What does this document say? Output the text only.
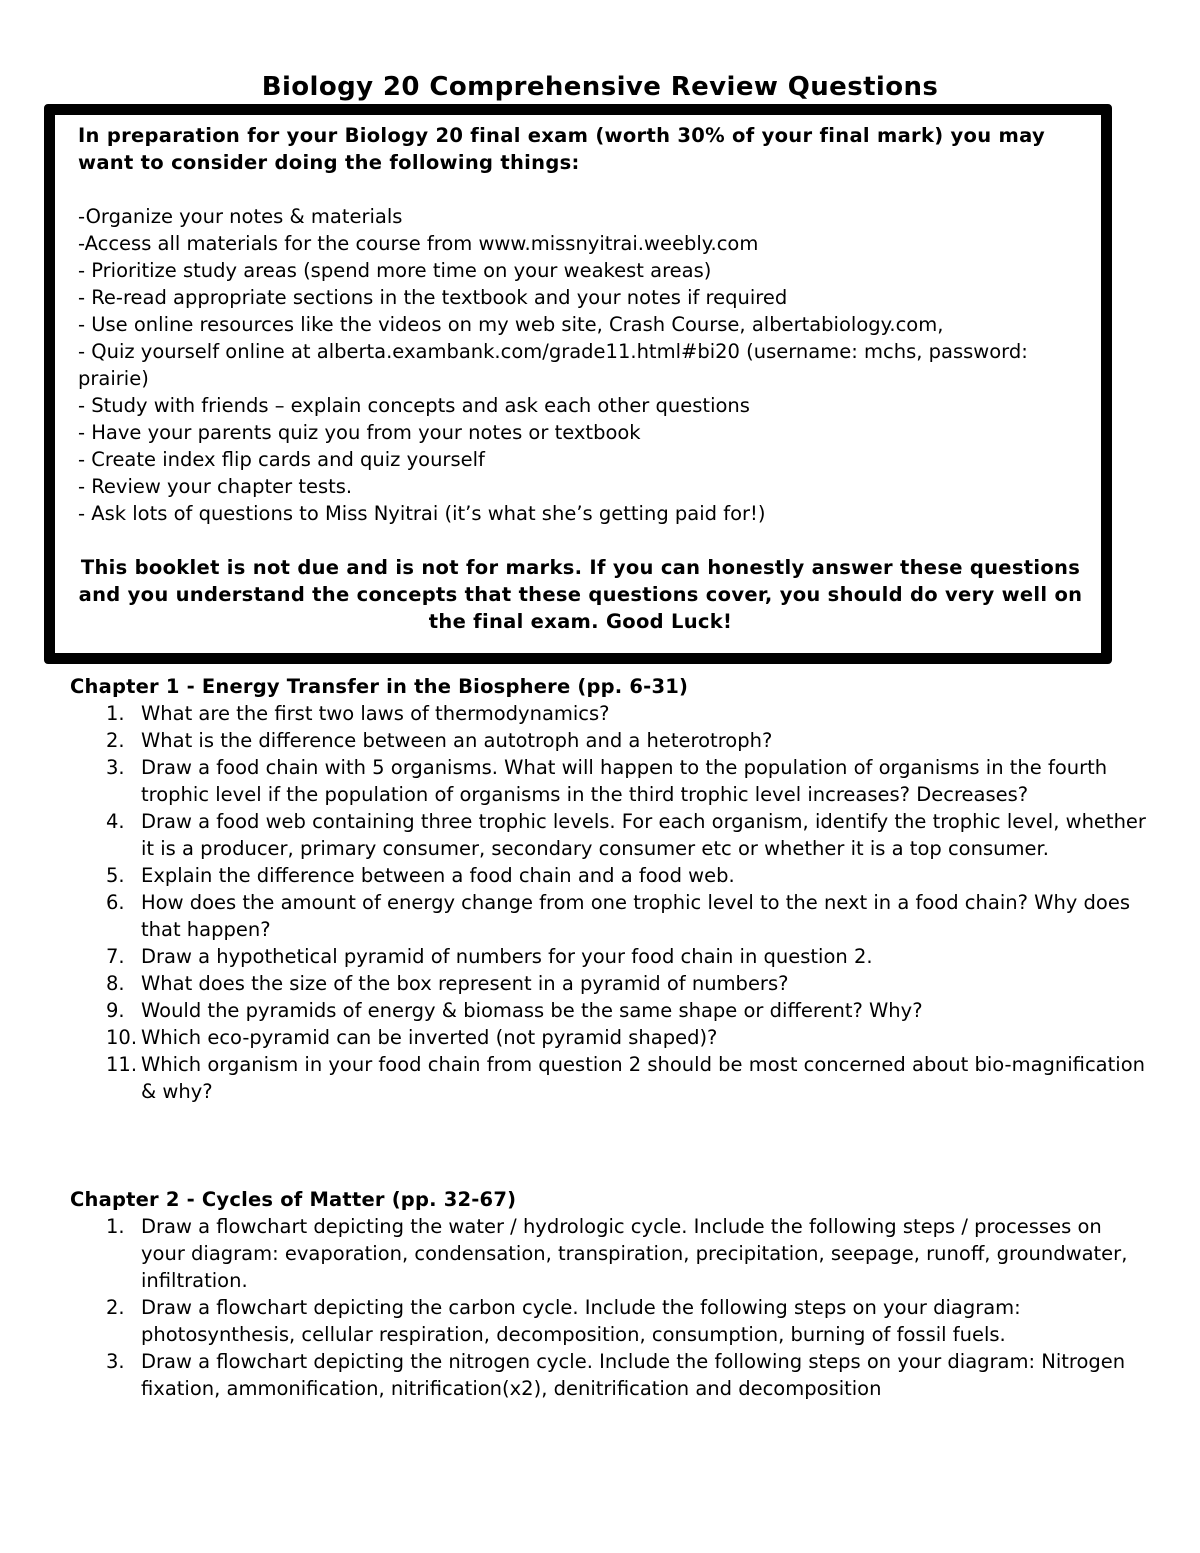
Biology 20 Comprehensive Review Questions
In preparation for your Biology 20 final exam (worth 30% of your final mark) you may want to consider doing the following things:
-Organize your notes & materials
-Access all materials for the course from www.missnyitrai.weebly.com
- Prioritize study areas (spend more time on your weakest areas)
- Re-read appropriate sections in the textbook and your notes if required
- Use online resources like the videos on my web site, Crash Course, albertabiology.com,
- Quiz yourself online at alberta.exambank.com/grade11.html#bi20 (username: mchs, password: prairie)
- Study with friends – explain concepts and ask each other questions
- Have your parents quiz you from your notes or textbook
- Create index flip cards and quiz yourself
- Review your chapter tests.
- Ask lots of questions to Miss Nyitrai (it’s what she’s getting paid for!)
This booklet is not due and is not for marks. If you can honestly answer these questions and you understand the concepts that these questions cover, you should do very well on the final exam. Good Luck!
Chapter 1 - Energy Transfer in the Biosphere (pp. 6-31)
1. What are the first two laws of thermodynamics?
2. What is the difference between an autotroph and a heterotroph?
3. Draw a food chain with 5 organisms. What will happen to the population of organisms in the fourth trophic level if the population of organisms in the third trophic level increases? Decreases?
4. Draw a food web containing three trophic levels. For each organism, identify the trophic level, whether it is a producer, primary consumer, secondary consumer etc or whether it is a top consumer.
5. Explain the difference between a food chain and a food web.
6. How does the amount of energy change from one trophic level to the next in a food chain? Why does that happen?
7. Draw a hypothetical pyramid of numbers for your food chain in question 2.
8. What does the size of the box represent in a pyramid of numbers?
9. Would the pyramids of energy & biomass be the same shape or different? Why?
10. Which eco-pyramid can be inverted (not pyramid shaped)?
11. Which organism in your food chain from question 2 should be most concerned about bio-magnification & why?
Chapter 2 - Cycles of Matter (pp. 32-67)
1. Draw a flowchart depicting the water / hydrologic cycle. Include the following steps / processes on your diagram: evaporation, condensation, transpiration, precipitation, seepage, runoff, groundwater, infiltration.
2. Draw a flowchart depicting the carbon cycle. Include the following steps on your diagram: photosynthesis, cellular respiration, decomposition, consumption, burning of fossil fuels.
3. Draw a flowchart depicting the nitrogen cycle. Include the following steps on your diagram: Nitrogen fixation, ammonification, nitrification(x2), denitrification and decomposition
